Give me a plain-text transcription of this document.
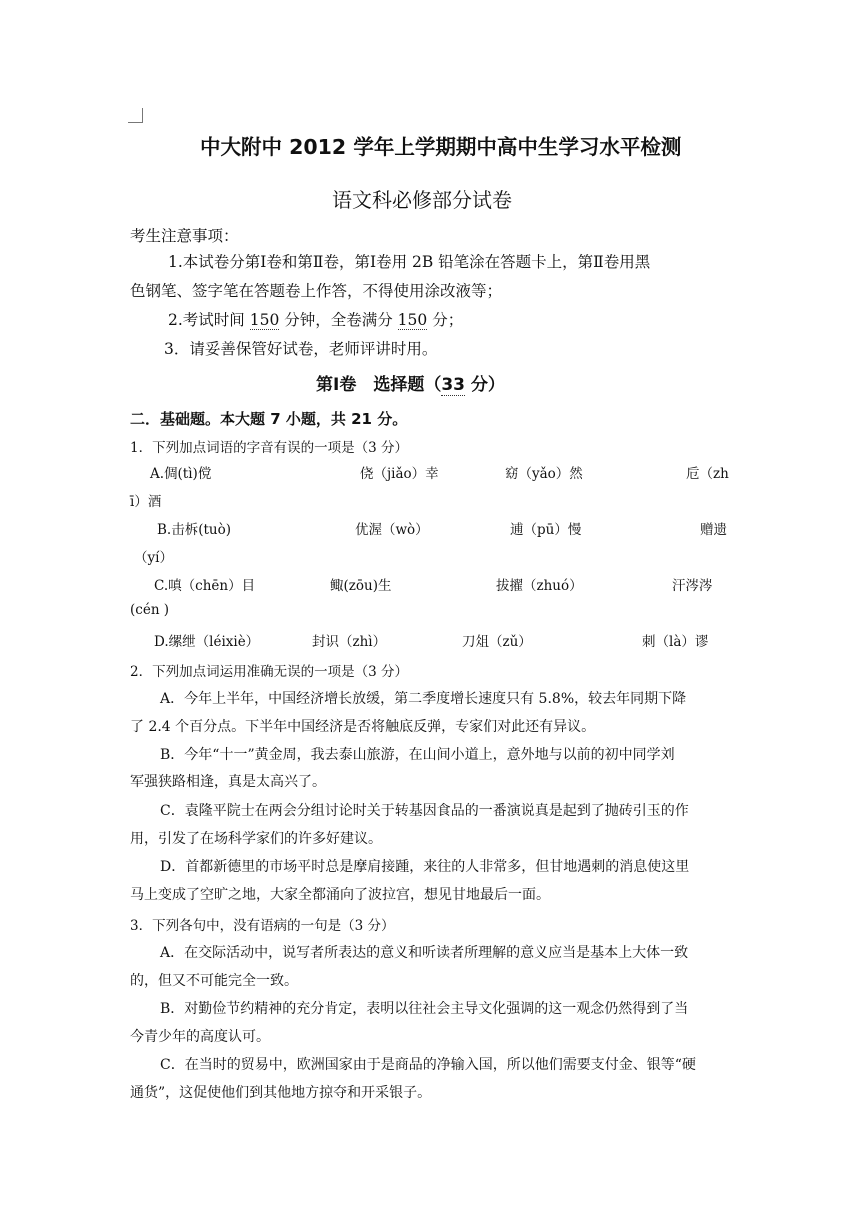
中大附中 2012 学年上学期期中高中生学习水平检测
语文科必修部分试卷
考生注意事项：
1.本试卷分第Ⅰ卷和第Ⅱ卷，第Ⅰ卷用 2B 铅笔涂在答题卡上，第Ⅱ卷用黑
色钢笔、签字笔在答题卷上作答，不得使用涂改液等；
2.考试时间 150 分钟，全卷满分 150 分；
3．请妥善保管好试卷，老师评讲时用。
第Ⅰ卷　选择题（33 分）
二．基础题。本大题 7 小题，共 21 分。
1．下列加点词语的字音有误的一项是（3 分）
A.倜(tì)傥	侥（jiǎo）幸	窈（yǎo）然	卮（zh
ī）酒
B.击柝(tuò)	优渥（wò）	逋（pū）慢	赠遗
（yí）
C.嗔（chēn）目	鲰(zōu)生	拔擢（zhuó）	汗涔涔
(cén )
D.缧绁（léixiè）	封识（zhì）	刀俎（zǔ）	刺（là）谬
2．下列加点词运用准确无误的一项是（3 分）
A．今年上半年，中国经济增长放缓，第二季度增长速度只有 5.8%，较去年同期下降
了 2.4 个百分点。下半年中国经济是否将触底反弹，专家们对此还有异议。
B．今年“十一”黄金周，我去泰山旅游，在山间小道上，意外地与以前的初中同学刘
军强狭路相逢，真是太高兴了。
C．袁隆平院士在两会分组讨论时关于转基因食品的一番演说真是起到了抛砖引玉的作
用，引发了在场科学家们的许多好建议。
D．首都新德里的市场平时总是摩肩接踵，来往的人非常多，但甘地遇刺的消息使这里
马上变成了空旷之地，大家全都涌向了波拉宫，想见甘地最后一面。
3．下列各句中，没有语病的一句是（3 分）
A．在交际活动中，说写者所表达的意义和听读者所理解的意义应当是基本上大体一致
的，但又不可能完全一致。
B．对勤俭节约精神的充分肯定，表明以往社会主导文化强调的这一观念仍然得到了当
今青少年的高度认可。
C．在当时的贸易中，欧洲国家由于是商品的净输入国，所以他们需要支付金、银等“硬
通货”，这促使他们到其他地方掠夺和开采银子。
